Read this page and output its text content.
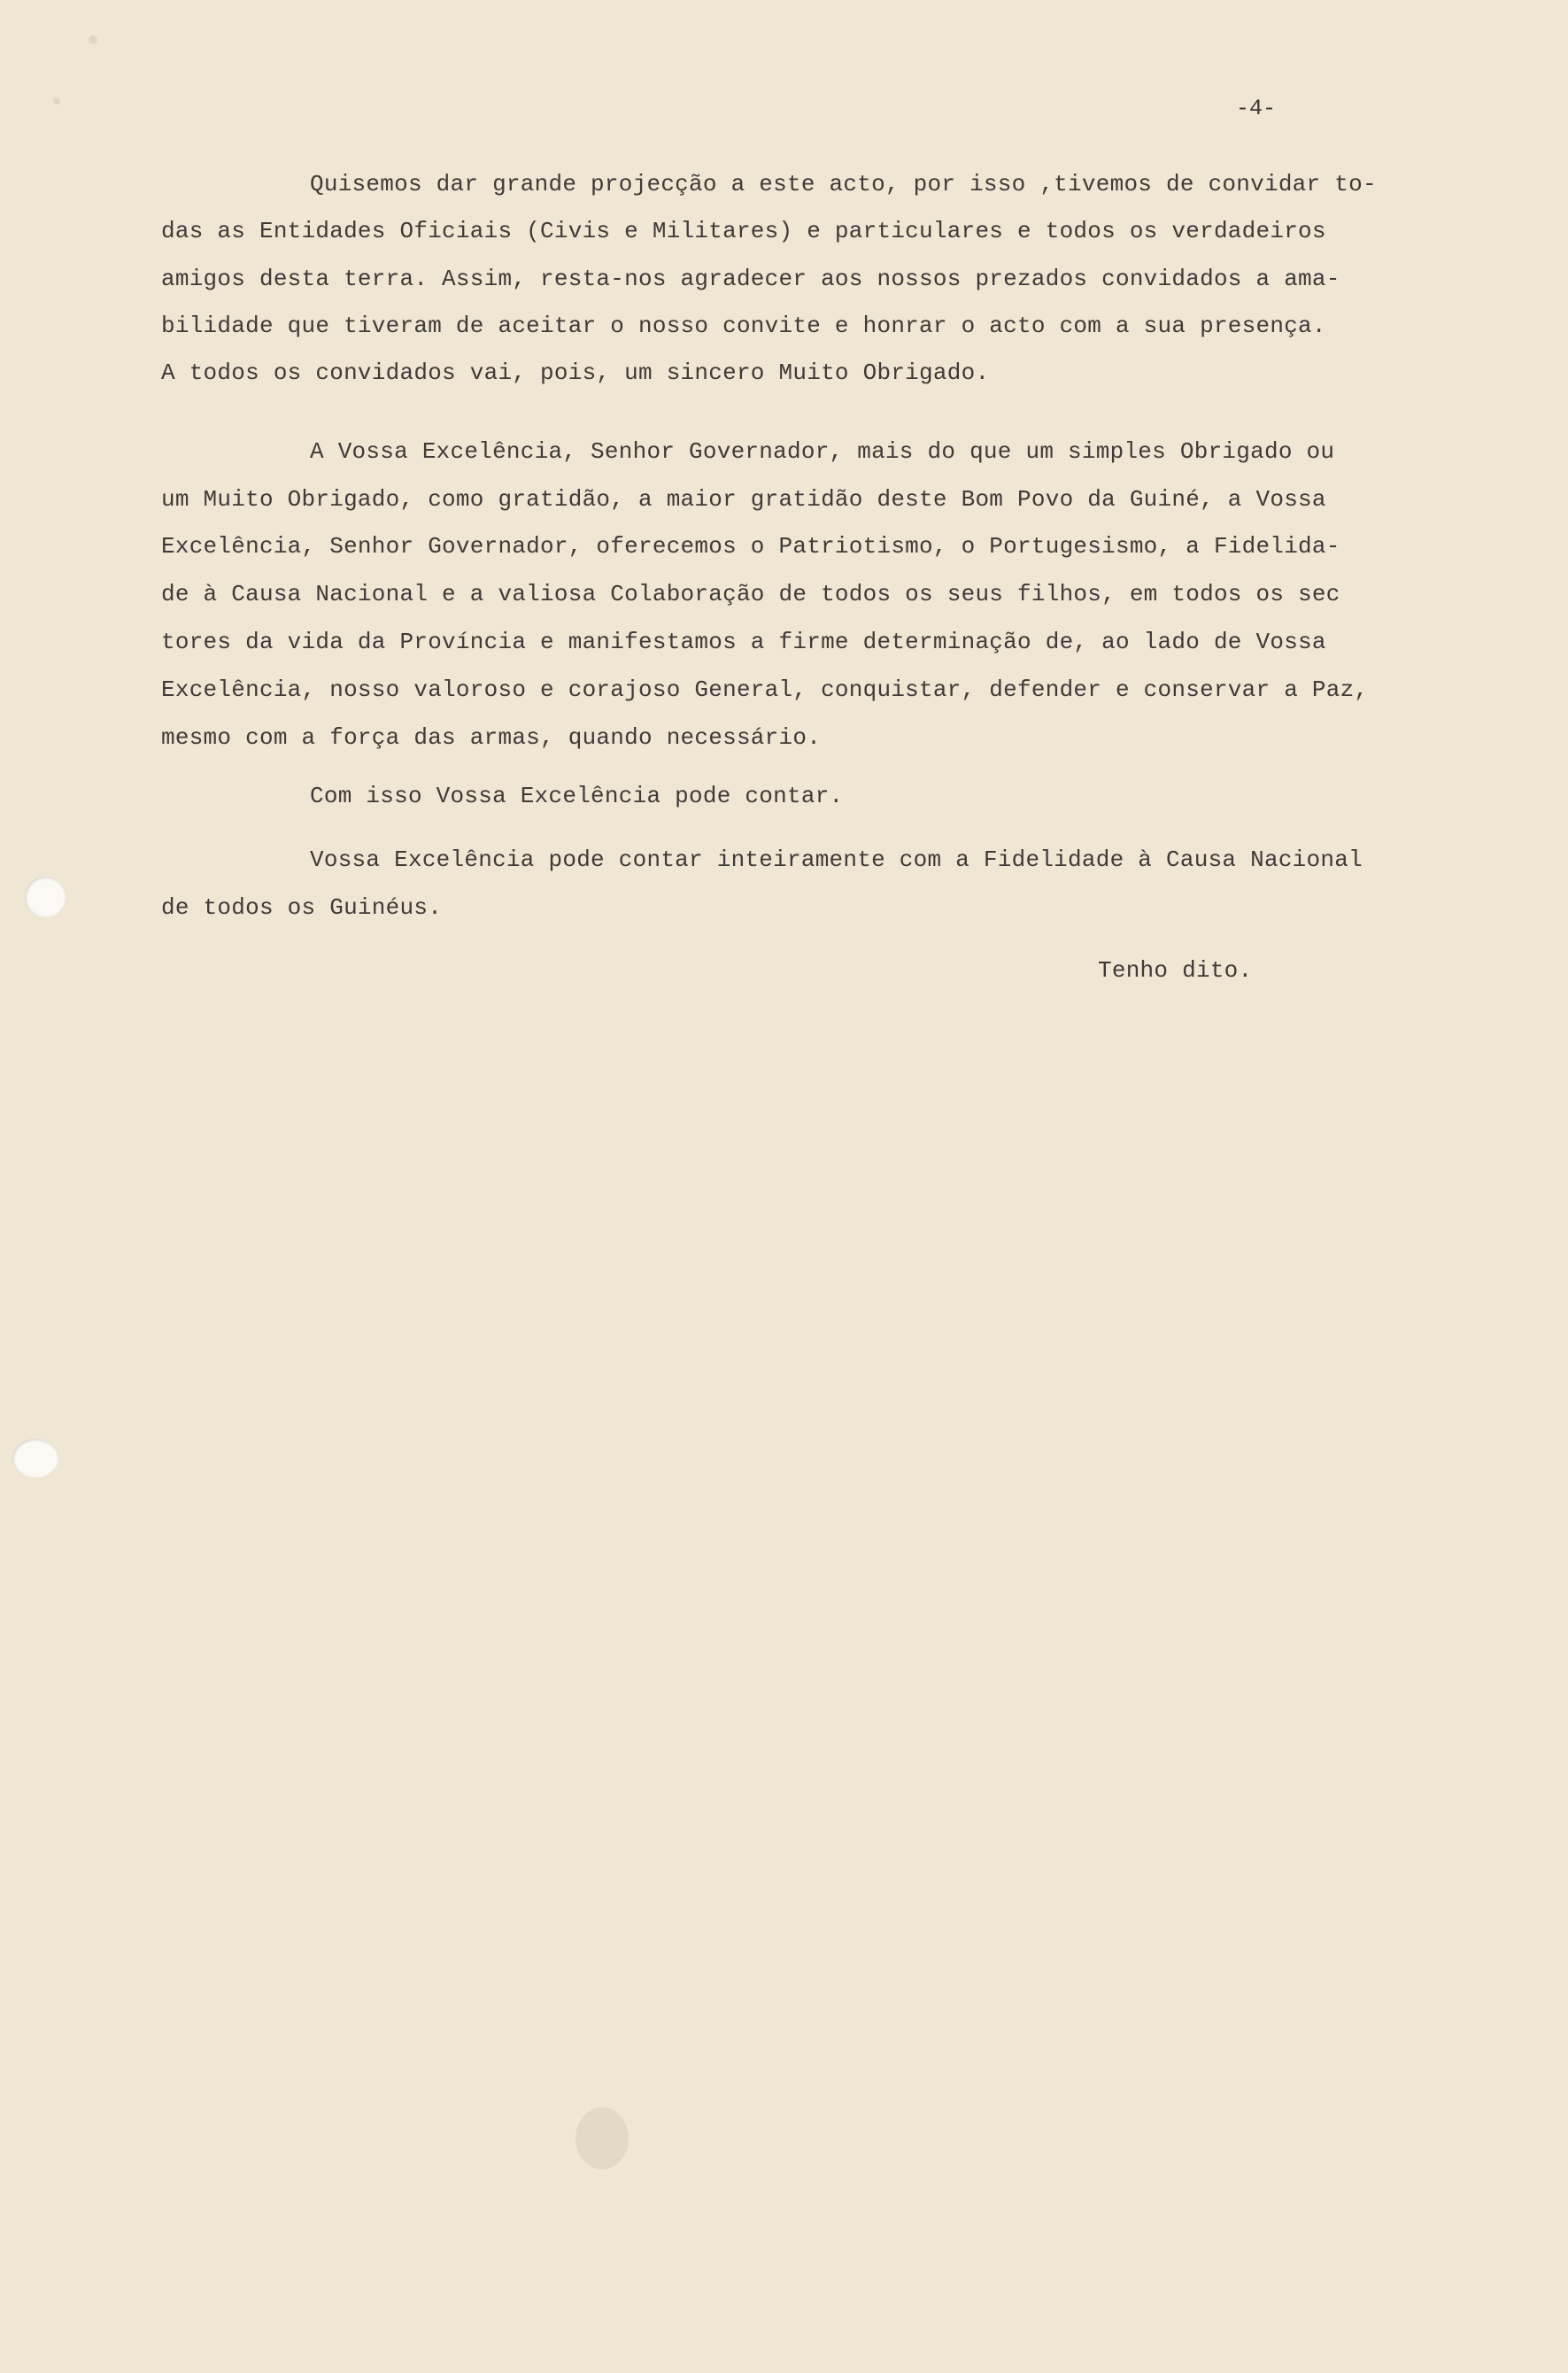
-4-

Quisemos dar grande projecção a este acto, por isso ,tivemos de convidar to-

das as Entidades Oficiais (Civis e Militares) e particulares e todos os verdadeiros

amigos desta terra. Assim, resta-nos agradecer aos nossos prezados convidados a ama-

bilidade que tiveram de aceitar o nosso convite e honrar o acto com a sua presença.

A todos os convidados vai, pois, um sincero Muito Obrigado.

A Vossa Excelência, Senhor Governador, mais do que um simples Obrigado ou

um Muito Obrigado, como gratidão, a maior gratidão deste Bom Povo da Guiné, a Vossa

Excelência, Senhor Governador, oferecemos o Patriotismo, o Portugesismo, a Fidelida-

de à Causa Nacional e a valiosa Colaboração de todos os seus filhos, em todos os sec

tores da vida da Província e manifestamos a firme determinação de, ao lado de Vossa

Excelência, nosso valoroso e corajoso General, conquistar, defender e conservar a Paz,

mesmo com a força das armas, quando necessário.

Com isso Vossa Excelência pode contar.

Vossa Excelência pode contar inteiramente com a Fidelidade à Causa Nacional

de todos os Guinéus.

Tenho dito.
